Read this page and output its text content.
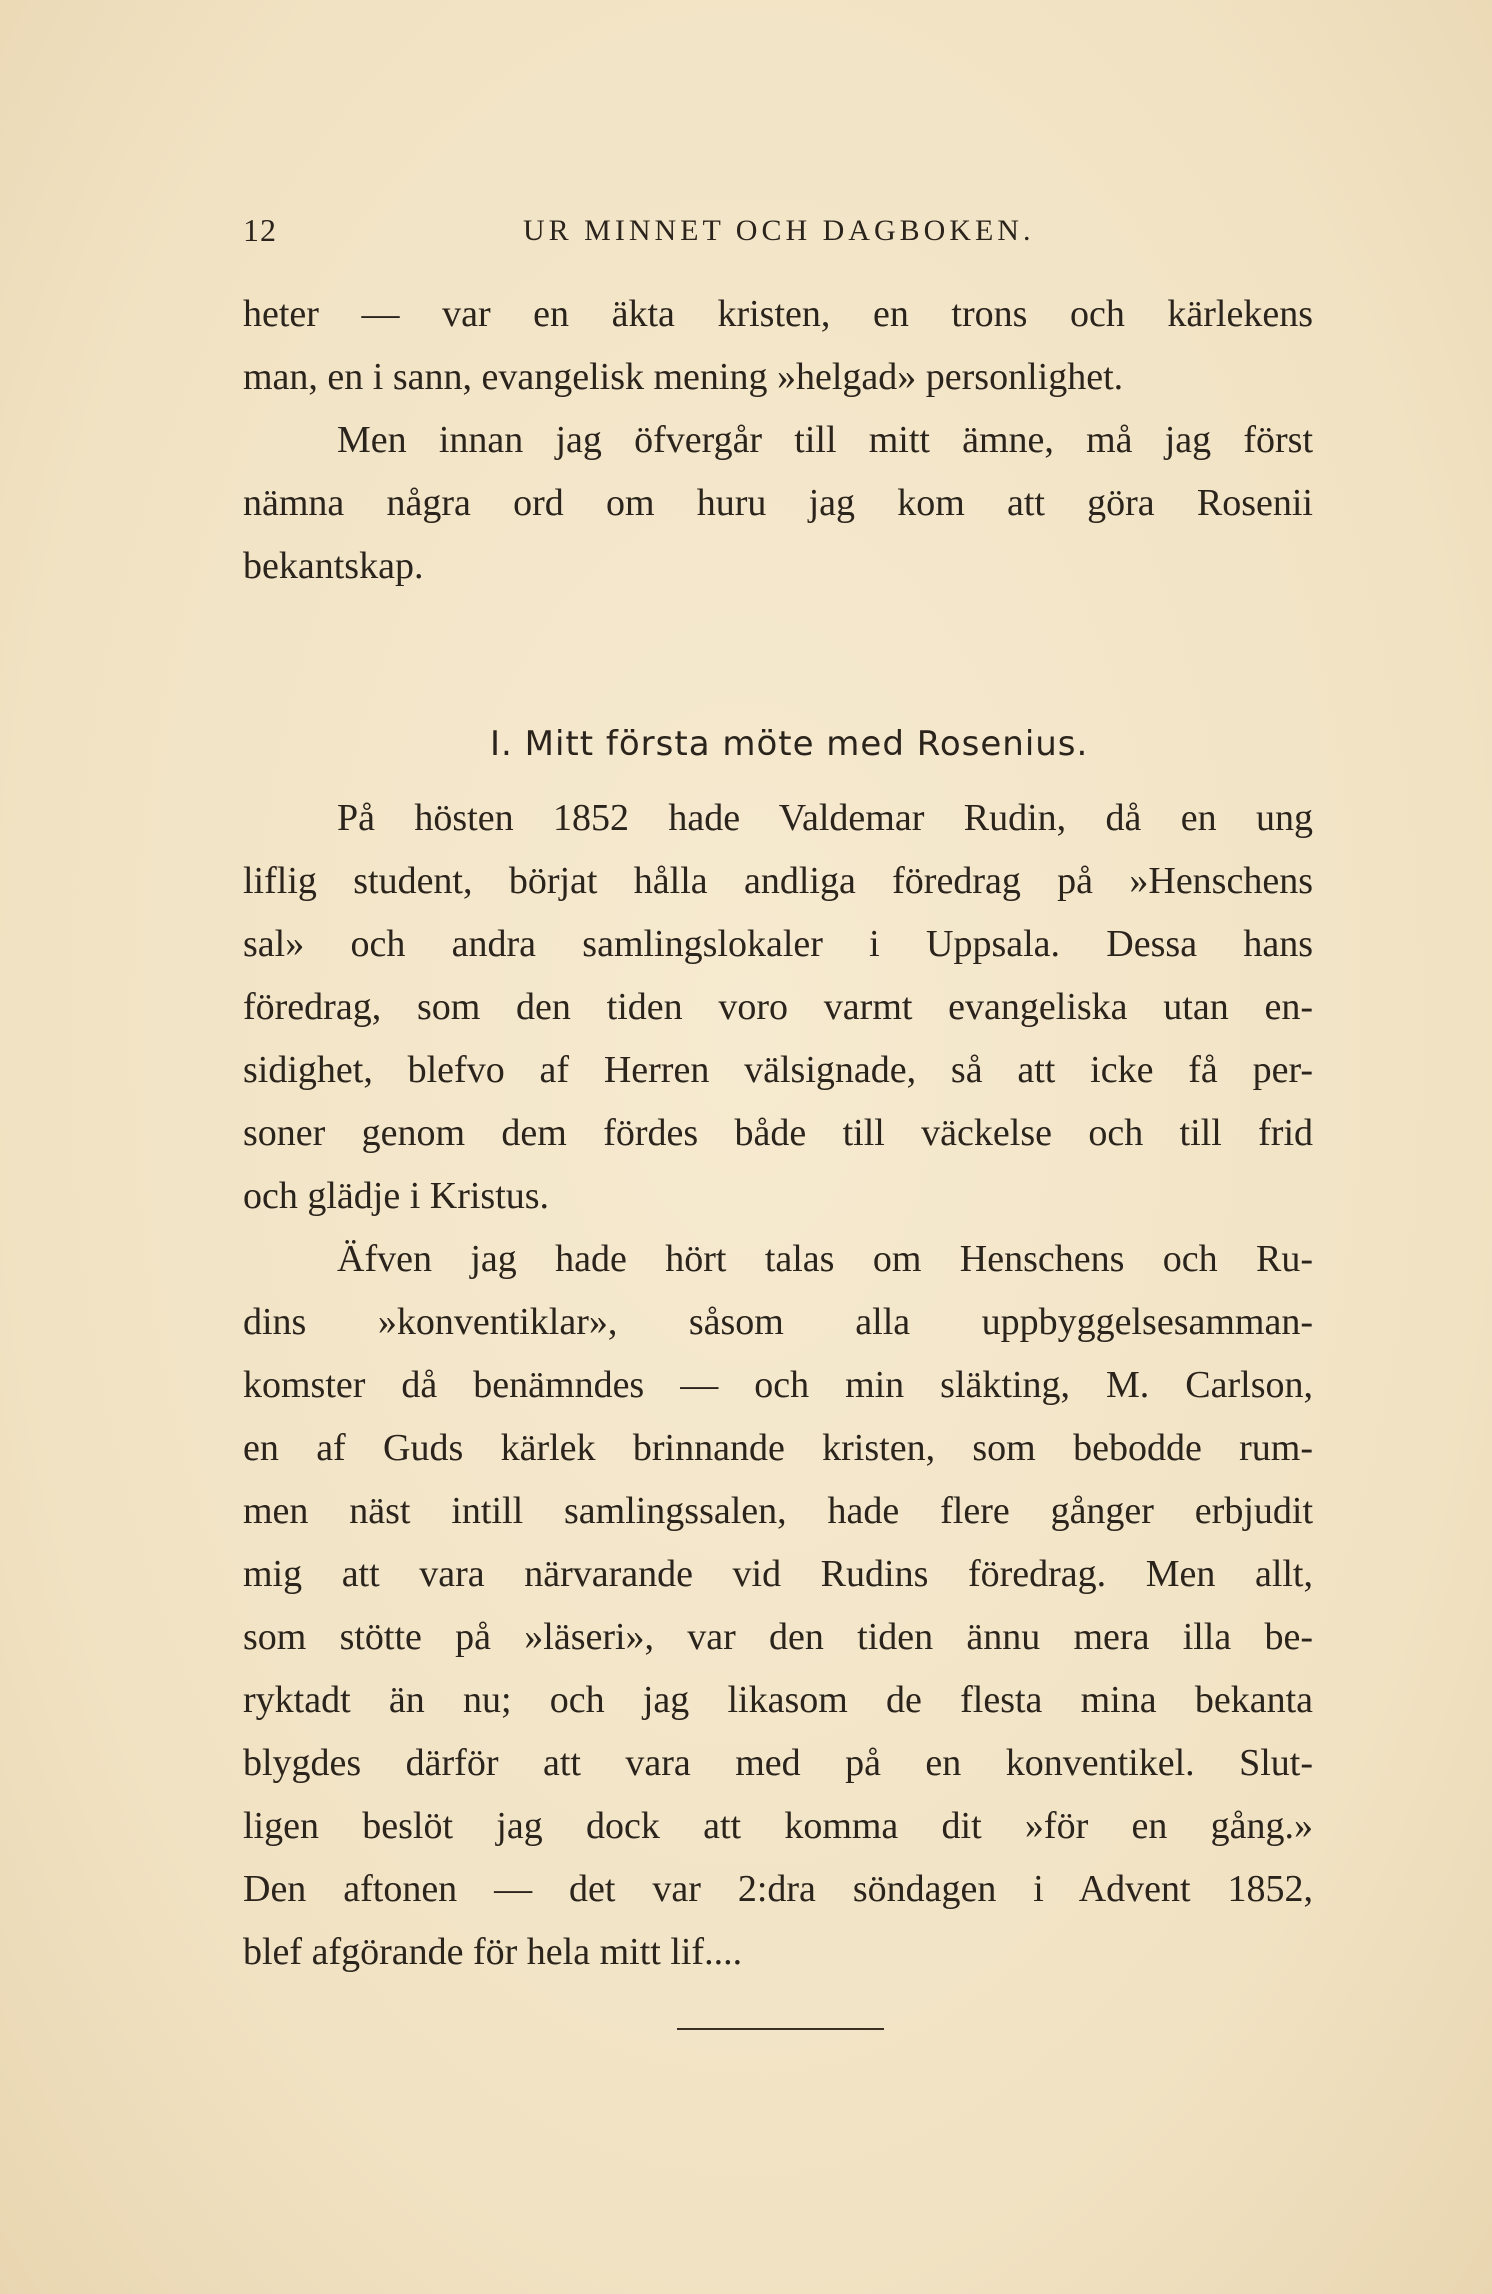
12	UR MINNET OCH DAGBOKEN.
heter — var en äkta kristen, en trons och kärlekens
man, en i sann, evangelisk mening »helgad» personlighet.
Men innan jag öfvergår till mitt ämne, må jag först
nämna några ord om huru jag kom att göra Rosenii
bekantskap.
I. Mitt första möte med Rosenius.
På hösten 1852 hade Valdemar Rudin, då en ung
liflig student, börjat hålla andliga föredrag på »Henschens
sal» och andra samlingslokaler i Uppsala. Dessa hans
föredrag, som den tiden voro varmt evangeliska utan en-
sidighet, blefvo af Herren välsignade, så att icke få per-
soner genom dem fördes både till väckelse och till frid
och glädje i Kristus.
Äfven jag hade hört talas om Henschens och Ru-
dins »konventiklar», såsom alla uppbyggelsesamman-
komster då benämndes — och min släkting, M. Carlson,
en af Guds kärlek brinnande kristen, som bebodde rum-
men näst intill samlingssalen, hade flere gånger erbjudit
mig att vara närvarande vid Rudins föredrag. Men allt,
som stötte på »läseri», var den tiden ännu mera illa be-
ryktadt än nu; och jag likasom de flesta mina bekanta
blygdes därför att vara med på en konventikel. Slut-
ligen beslöt jag dock att komma dit »för en gång.»
Den aftonen — det var 2:dra söndagen i Advent 1852,
blef afgörande för hela mitt lif....
